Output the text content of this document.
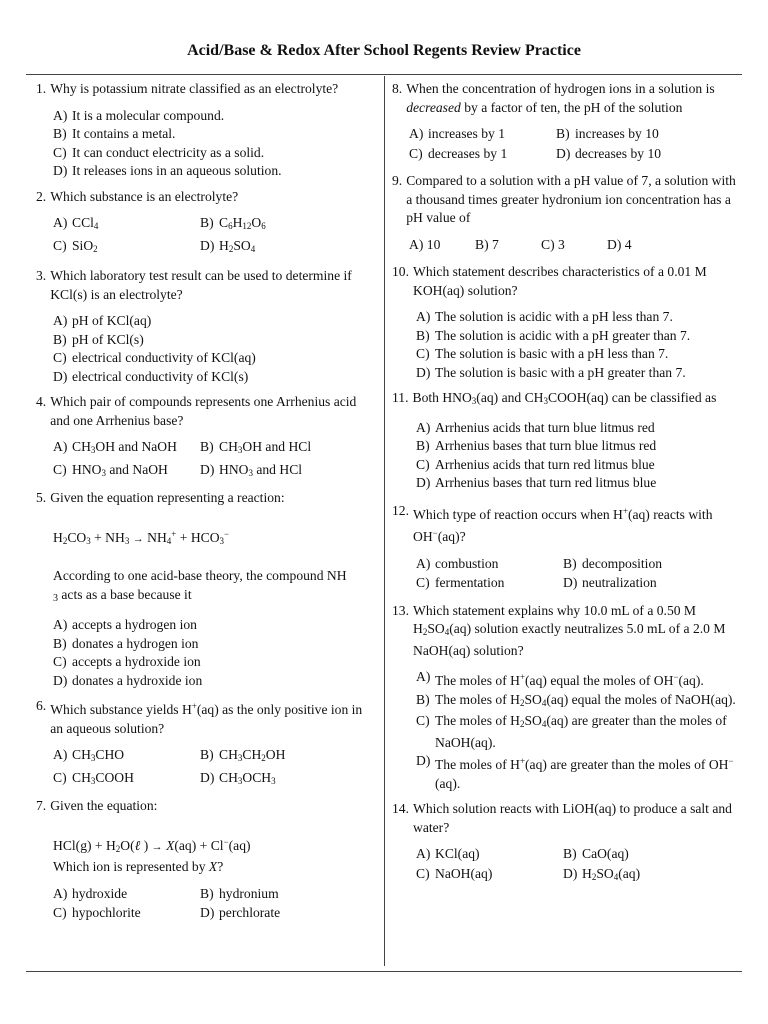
Acid/Base & Redox After School Regents Review Practice
1. Why is potassium nitrate classified as an electrolyte?
A) It is a molecular compound.
B) It contains a metal.
C) It can conduct electricity as a solid.
D) It releases ions in an aqueous solution.
2. Which substance is an electrolyte?
A) CCl$_4$	B) $C_6H_{12}O_6$
C) SiO$_2$	D) $H_2SO_4$
3. Which laboratory test result can be used to determine if KCl(s) is an electrolyte?
A) pH of KCl(aq)
B) pH of KCl(s)
C) electrical conductivity of KCl(aq)
D) electrical conductivity of KCl(s)
4. Which pair of compounds represents one Arrhenius acid and one Arrhenius base?
A) $CH_3OH$ and NaOH B) $CH_3OH$ and HCl
C) $HNO_3$ and NaOH D) $HNO_3$ and HCl
5. Given the equation representing a reaction:
$H_2CO_3 + NH_3 \to NH_4^+ + HCO_3^-$
According to one acid-base theory, the compound NH
$_3$ acts as a base because it
A) accepts a hydrogen ion
B) donates a hydrogen ion
C) accepts a hydroxide ion
D) donates a hydroxide ion
6. Which substance yields H+(aq) as the only positive ion in an aqueous solution?
A) $CH_3CHO$	B) $CH_3CH_2OH$
C) $CH_3COOH$	D) $CH_3OCH_3$
7. Given the equation:
$HCl(g) + H_2O(\ell$ ) → X(aq) + Cl−(aq)
Which ion is represented by X?
A) hydroxide	B) hydronium
C) hypochlorite	D) perchlorate
8. When the concentration of hydrogen ions in a solution is decreased by a factor of ten, the pH of the solution
A) increases by 1	B) increases by 10
C) decreases by 1	D) decreases by 10
9. Compared to a solution with a pH value of 7, a solution with a thousand times greater hydronium ion concentration has a pH value of
A) 10	B) 7	C) 3	D) 4
10. Which statement describes characteristics of a 0.01 M KOH(aq) solution?
A) The solution is acidic with a pH less than 7.
B) The solution is acidic with a pH greater than 7.
C) The solution is basic with a pH less than 7.
D) The solution is basic with a pH greater than 7.
11. Both $HNO_3(aq)$ and $CH_3COOH(aq)$ can be classified as
A) Arrhenius acids that turn blue litmus red
B) Arrhenius bases that turn blue litmus red
C) Arrhenius acids that turn red litmus blue
D) Arrhenius bases that turn red litmus blue
12. Which type of reaction occurs when H+(aq) reacts with OH−(aq)?
A) combustion	B) decomposition
C) fermentation	D) neutralization
13. Which statement explains why 10.0 mL of a 0.50 M $H_2SO_4(aq)$ solution exactly neutralizes 5.0 mL of a 2.0 M NaOH(aq) solution?
A) The moles of H+(aq) equal the moles of OH−(aq).
B) The moles of $H_2SO_4(aq)$ equal the moles of NaOH(aq).
C) The moles of $H_2SO_4(aq)$ are greater than the moles of NaOH(aq).
D) The moles of H+(aq) are greater than the moles of OH−(aq).
14. Which solution reacts with LiOH(aq) to produce a salt and water?
A) KCl(aq)	B) CaO(aq)
C) NaOH(aq)	D) $H_2SO_4(aq)$
